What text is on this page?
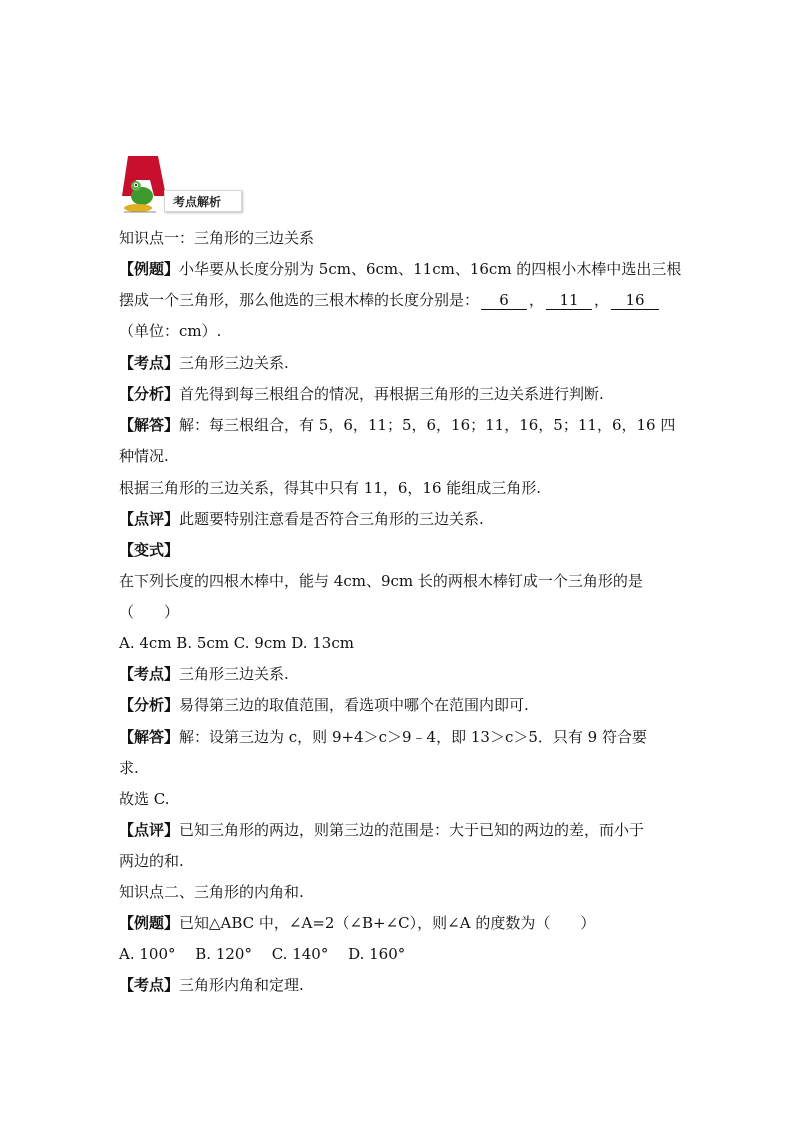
考点解析
知识点一：三角形的三边关系
【例题】小华要从长度分别为 5cm、6cm、11cm、16cm 的四根小木棒中选出三根
摆成一个三角形，那么他选的三根木棒的长度分别是： 6 ， 11 ， 16
（单位：cm）.
【考点】三角形三边关系.
【分析】首先得到每三根组合的情况，再根据三角形的三边关系进行判断.
【解答】解：每三根组合，有 5，6，11；5，6，16；11，16，5；11，6，16 四
种情况.
根据三角形的三边关系，得其中只有 11，6，16 能组成三角形.
【点评】此题要特别注意看是否符合三角形的三边关系.
【变式】
在下列长度的四根木棒中，能与 4cm、9cm 长的两根木棒钉成一个三角形的是
（　　）
A. 4cm B. 5cm C. 9cm D. 13cm
【考点】三角形三边关系.
【分析】易得第三边的取值范围，看选项中哪个在范围内即可.
【解答】解：设第三边为 c，则 9+4＞c＞9﹣4，即 13＞c＞5．只有 9 符合要
求.
故选 C.
【点评】已知三角形的两边，则第三边的范围是：大于已知的两边的差，而小于
两边的和.
知识点二、三角形的内角和.
【例题】已知△ABC 中，∠A=2（∠B+∠C），则∠A 的度数为（　　）
A. 100°　 B. 120°　 C. 140°　 D. 160°
【考点】三角形内角和定理.
